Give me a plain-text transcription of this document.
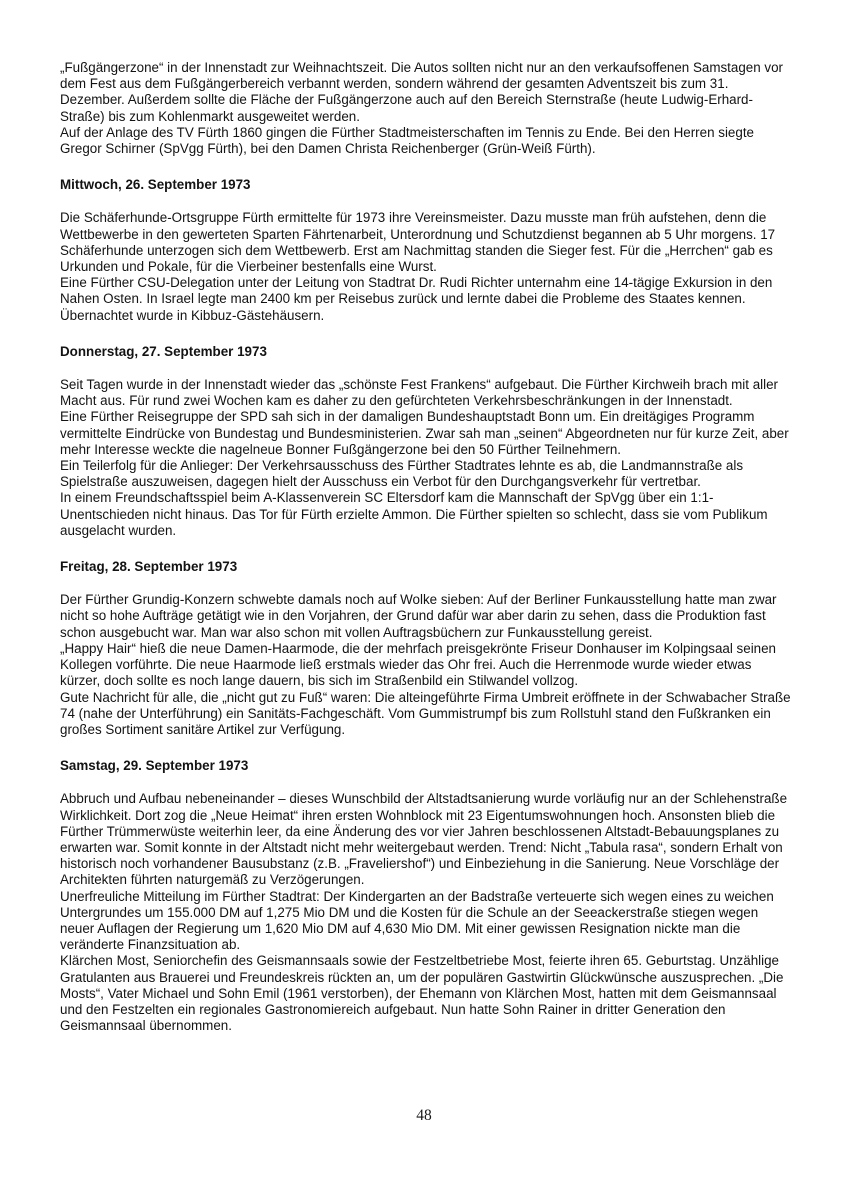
„Fußgängerzone“ in der Innenstadt zur Weihnachtszeit. Die Autos sollten nicht nur an den verkaufsoffenen Samstagen vor dem Fest aus dem Fußgängerbereich verbannt werden, sondern während der gesamten Adventszeit bis zum 31. Dezember. Außerdem sollte die Fläche der Fußgängerzone auch auf den Bereich Sternstraße (heute Ludwig-Erhard-Straße) bis zum Kohlenmarkt ausgeweitet werden.

Auf der Anlage des TV Fürth 1860 gingen die Fürther Stadtmeisterschaften im Tennis zu Ende. Bei den Herren siegte Gregor Schirner (SpVgg Fürth), bei den Damen Christa Reichenberger (Grün-Weiß Fürth).

Mittwoch, 26. September 1973

Die Schäferhunde-Ortsgruppe Fürth ermittelte für 1973 ihre Vereinsmeister. Dazu musste man früh aufstehen, denn die Wettbewerbe in den gewerteten Sparten Fährtenarbeit, Unterordnung und Schutzdienst begannen ab 5 Uhr morgens. 17 Schäferhunde unterzogen sich dem Wettbewerb. Erst am Nachmittag standen die Sieger fest. Für die „Herrchen“ gab es Urkunden und Pokale, für die Vierbeiner bestenfalls eine Wurst.

Eine Fürther CSU-Delegation unter der Leitung von Stadtrat Dr. Rudi Richter unternahm eine 14-tägige Exkursion in den Nahen Osten. In Israel legte man 2400 km per Reisebus zurück und lernte dabei die Probleme des Staates kennen. Übernachtet wurde in Kibbuz-Gästehäusern.

Donnerstag, 27. September 1973

Seit Tagen wurde in der Innenstadt wieder das „schönste Fest Frankens“ aufgebaut. Die Fürther Kirchweih brach mit aller Macht aus. Für rund zwei Wochen kam es daher zu den gefürchteten Verkehrsbeschränkungen in der Innenstadt.

Eine Fürther Reisegruppe der SPD sah sich in der damaligen Bundeshauptstadt Bonn um. Ein dreitägiges Programm vermittelte Eindrücke von Bundestag und Bundesministerien. Zwar sah man „seinen“ Abgeordneten nur für kurze Zeit, aber mehr Interesse weckte die nagelneue Bonner Fußgängerzone bei den 50 Fürther Teilnehmern.

Ein Teilerfolg für die Anlieger: Der Verkehrsausschuss des Fürther Stadtrates lehnte es ab, die Landmannstraße als Spielstraße auszuweisen, dagegen hielt der Ausschuss ein Verbot für den Durchgangsverkehr für vertretbar.

In einem Freundschaftsspiel beim A-Klassenverein SC Eltersdorf kam die Mannschaft der SpVgg über ein 1:1-Unentschieden nicht hinaus. Das Tor für Fürth erzielte Ammon. Die Fürther spielten so schlecht, dass sie vom Publikum ausgelacht wurden.

Freitag, 28. September 1973

Der Fürther Grundig-Konzern schwebte damals noch auf Wolke sieben: Auf der Berliner Funkausstellung hatte man zwar nicht so hohe Aufträge getätigt wie in den Vorjahren, der Grund dafür war aber darin zu sehen, dass die Produktion fast schon ausgebucht war. Man war also schon mit vollen Auftragsbüchern zur Funkausstellung gereist.

„Happy Hair“ hieß die neue Damen-Haarmode, die der mehrfach preisgekrönte Friseur Donhauser im Kolpingsaal seinen Kollegen vorführte. Die neue Haarmode ließ erstmals wieder das Ohr frei. Auch die Herrenmode wurde wieder etwas kürzer, doch sollte es noch lange dauern, bis sich im Straßenbild ein Stilwandel vollzog.

Gute Nachricht für alle, die „nicht gut zu Fuß“ waren: Die alteingeführte Firma Umbreit eröffnete in der Schwabacher Straße 74 (nahe der Unterführung) ein Sanitäts-Fachgeschäft. Vom Gummistrumpf bis zum Rollstuhl stand den Fußkranken ein großes Sortiment sanitäre Artikel zur Verfügung.

Samstag, 29. September 1973

Abbruch und Aufbau nebeneinander – dieses Wunschbild der Altstadtsanierung wurde vorläufig nur an der Schlehenstraße Wirklichkeit. Dort zog die „Neue Heimat“ ihren ersten Wohnblock mit 23 Eigentumswohnungen hoch. Ansonsten blieb die Fürther Trümmerwüste weiterhin leer, da eine Änderung des vor vier Jahren beschlossenen Altstadt-Bebauungsplanes zu erwarten war. Somit konnte in der Altstadt nicht mehr weitergebaut werden. Trend: Nicht „Tabula rasa“, sondern Erhalt von historisch noch vorhandener Bausubstanz (z.B. „Fraveliershof“) und Einbeziehung in die Sanierung. Neue Vorschläge der Architekten führten naturgemäß zu Verzögerungen.

Unerfreuliche Mitteilung im Fürther Stadtrat: Der Kindergarten an der Badstraße verteuerte sich wegen eines zu weichen Untergrundes um 155.000 DM auf 1,275 Mio DM und die Kosten für die Schule an der Seeackerstraße stiegen wegen neuer Auflagen der Regierung um 1,620 Mio DM auf 4,630 Mio DM. Mit einer gewissen Resignation nickte man die veränderte Finanzsituation ab.

Klärchen Most, Seniorchefin des Geismannsaals sowie der Festzeltbetriebe Most, feierte ihren 65. Geburtstag. Unzählige Gratulanten aus Brauerei und Freundeskreis rückten an, um der populären Gastwirtin Glückwünsche auszusprechen. „Die Mosts“, Vater Michael und Sohn Emil (1961 verstorben), der Ehemann von Klärchen Most, hatten mit dem Geismannsaal und den Festzelten ein regionales Gastronomiereich aufgebaut. Nun hatte Sohn Rainer in dritter Generation den Geismannsaal übernommen.

48
